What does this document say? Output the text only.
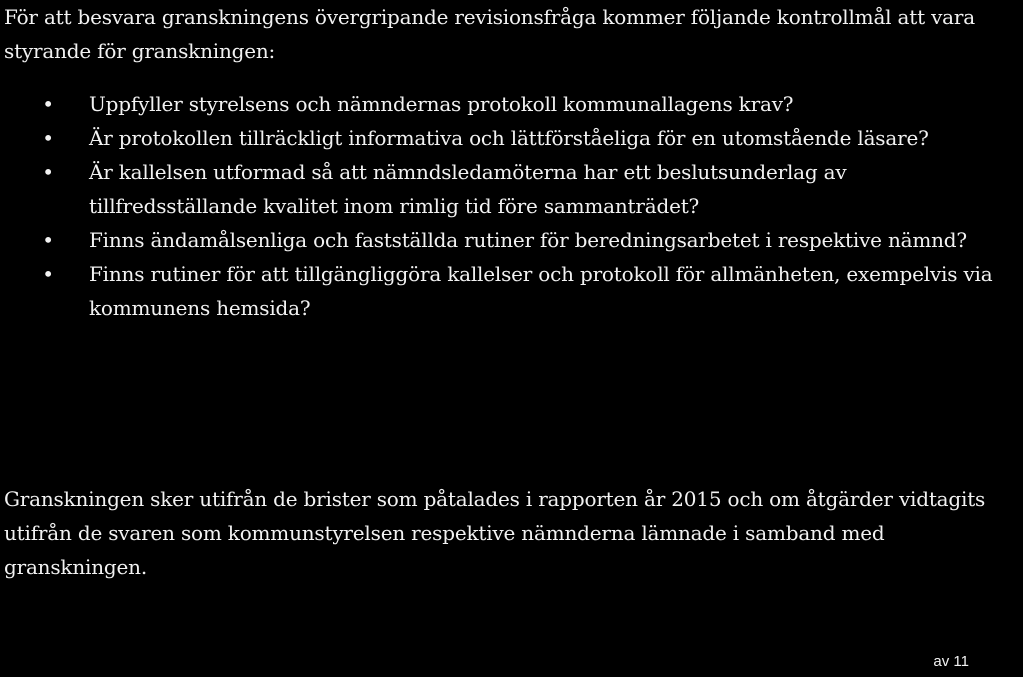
För att besvara granskningens övergripande revisionsfråga kommer följande kontrollmål att vara styrande för granskningen:

• Uppfyller styrelsens och nämndernas protokoll kommunallagens krav?
• Är protokollen tillräckligt informativa och lättförståeliga för en utomstående läsare?
• Är kallelsen utformad så att nämndsledamöterna har ett beslutsunderlag av tillfredsställande kvalitet inom rimlig tid före sammanträdet?
• Finns ändamålsenliga och fastställda rutiner för beredningsarbetet i respektive nämnd?
• Finns rutiner för att tillgängliggöra kallelser och protokoll för allmänheten, exempelvis via kommunens hemsida?

Granskningen sker utifrån de brister som påtalades i rapporten år 2015 och om åtgärder vidtagits utifrån de svaren som kommunstyrelsen respektive nämnderna lämnade i samband med granskningen.

av 11
